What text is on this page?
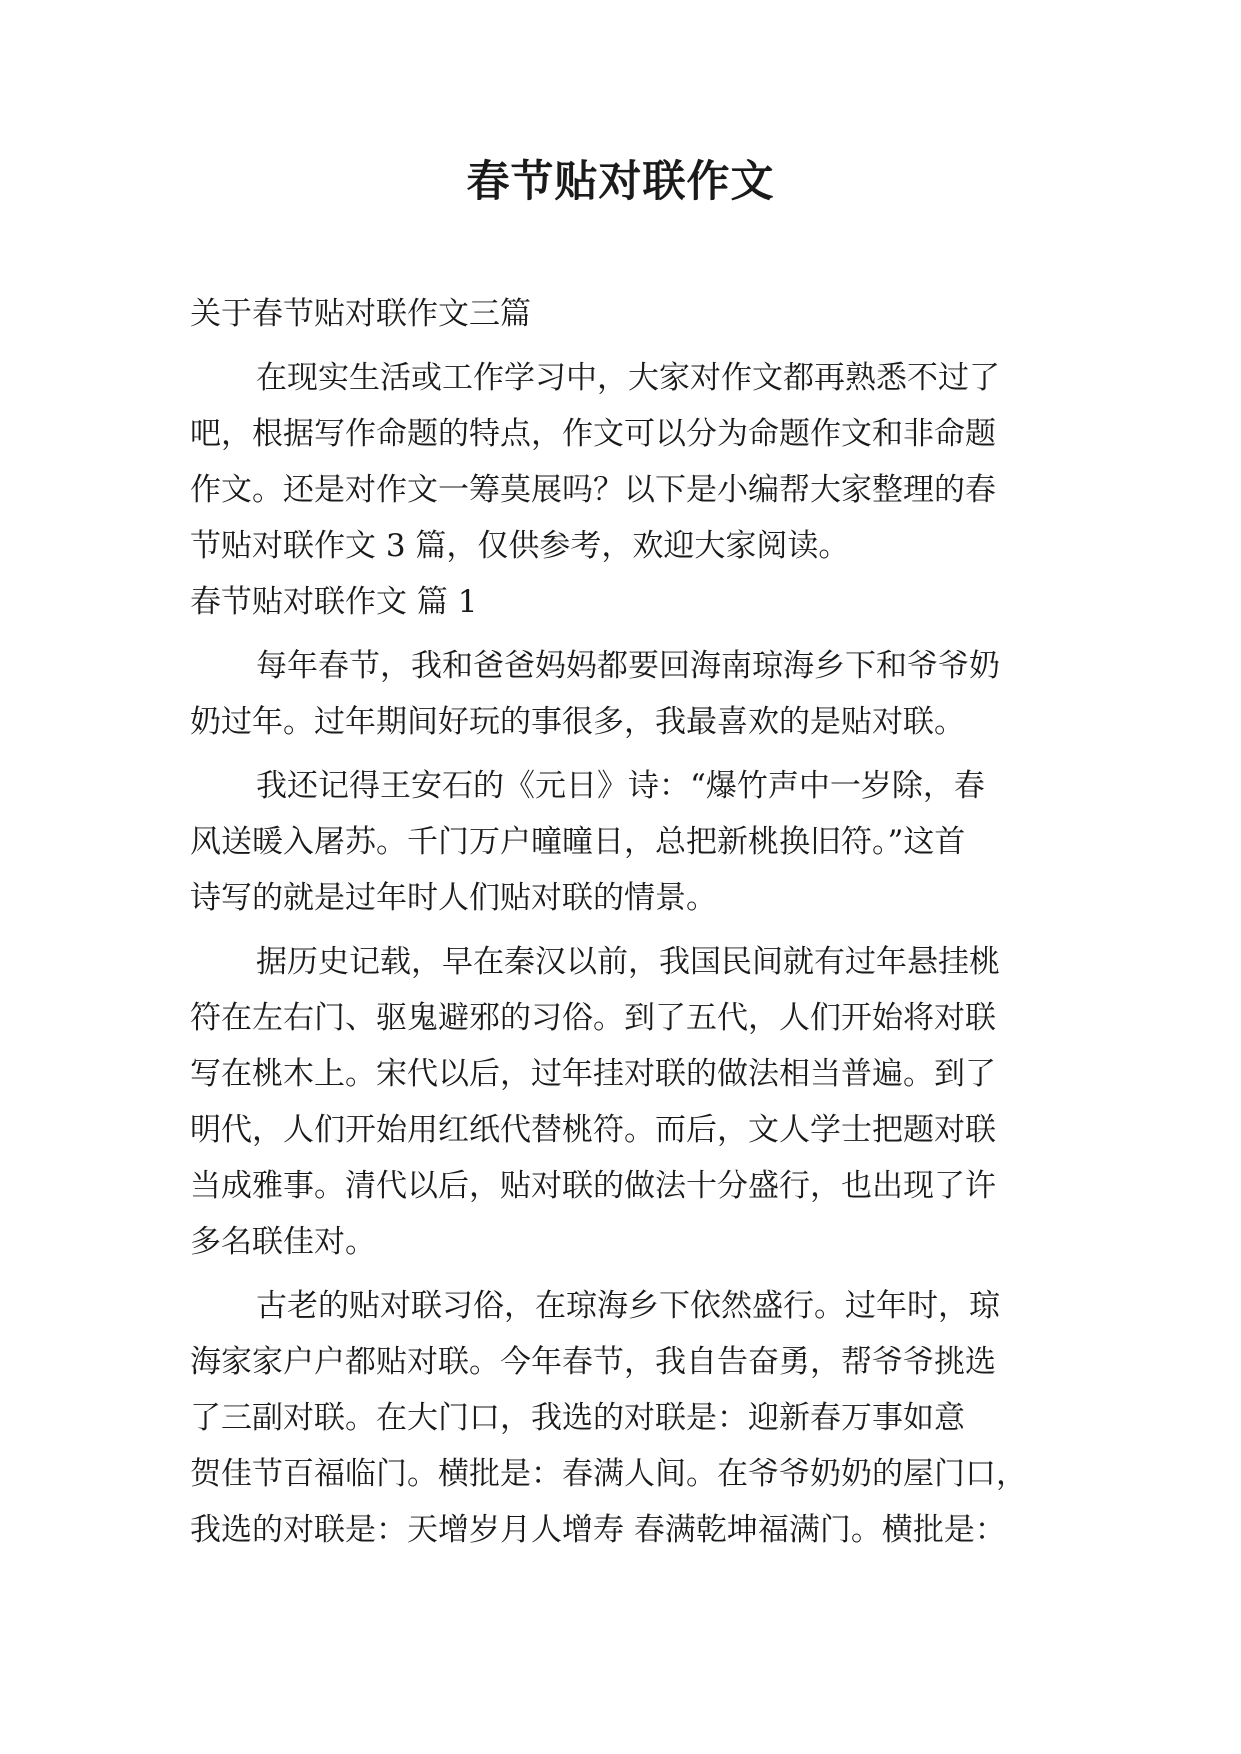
春节贴对联作文
关于春节贴对联作文三篇
在现实生活或工作学习中，大家对作文都再熟悉不过了
吧，根据写作命题的特点，作文可以分为命题作文和非命题
作文。还是对作文一筹莫展吗？以下是小编帮大家整理的春
节贴对联作文 3 篇，仅供参考，欢迎大家阅读。
春节贴对联作文 篇 1
每年春节，我和爸爸妈妈都要回海南琼海乡下和爷爷奶
奶过年。过年期间好玩的事很多，我最喜欢的是贴对联。
我还记得王安石的《元日》诗：“爆竹声中一岁除，春
风送暖入屠苏。千门万户曈曈日，总把新桃换旧符。”这首
诗写的就是过年时人们贴对联的情景。
据历史记载，早在秦汉以前，我国民间就有过年悬挂桃
符在左右门、驱鬼避邪的习俗。到了五代，人们开始将对联
写在桃木上。宋代以后，过年挂对联的做法相当普遍。到了
明代，人们开始用红纸代替桃符。而后，文人学士把题对联
当成雅事。清代以后，贴对联的做法十分盛行，也出现了许
多名联佳对。
古老的贴对联习俗，在琼海乡下依然盛行。过年时，琼
海家家户户都贴对联。今年春节，我自告奋勇，帮爷爷挑选
了三副对联。在大门口，我选的对联是：迎新春万事如意
贺佳节百福临门。横批是：春满人间。在爷爷奶奶的屋门口，
我选的对联是：天增岁月人增寿 春满乾坤福满门。横批是：
